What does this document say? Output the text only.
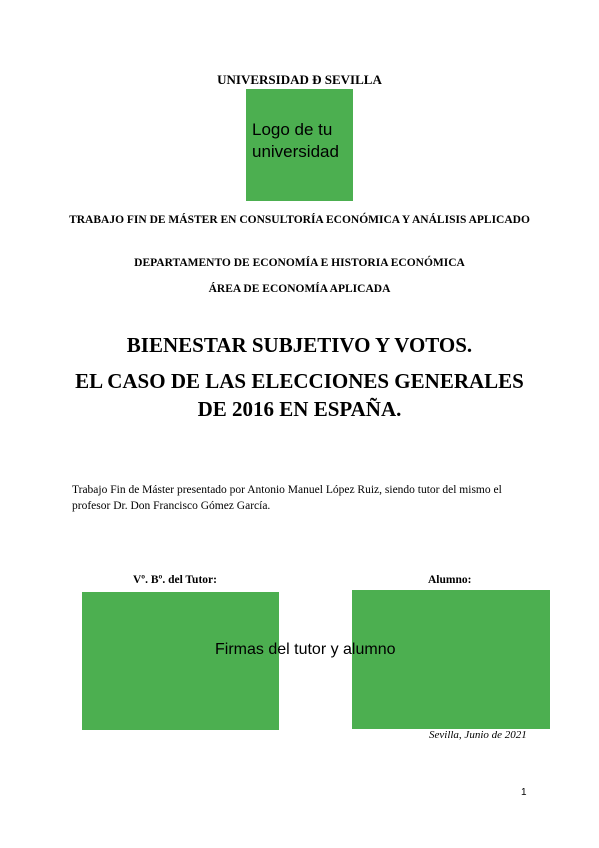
UNIVERSIDAD Ð SEVILLA
Logo de tu universidad
TRABAJO FIN DE MÁSTER EN CONSULTORÍA ECONÓMICA Y ANÁLISIS APLICADO
DEPARTAMENTO DE ECONOMÍA E HISTORIA ECONÓMICA
ÁREA DE ECONOMÍA APLICADA
BIENESTAR SUBJETIVO Y VOTOS.
EL CASO DE LAS ELECCIONES GENERALES
DE 2016 EN ESPAÑA.
Trabajo Fin de Máster presentado por Antonio Manuel López Ruiz, siendo tutor del mismo el profesor Dr. Don Francisco Gómez García.
Vº. Bº. del Tutor:	Alumno:
Firmas del tutor y alumno
Sevilla, Junio de 2021
1
